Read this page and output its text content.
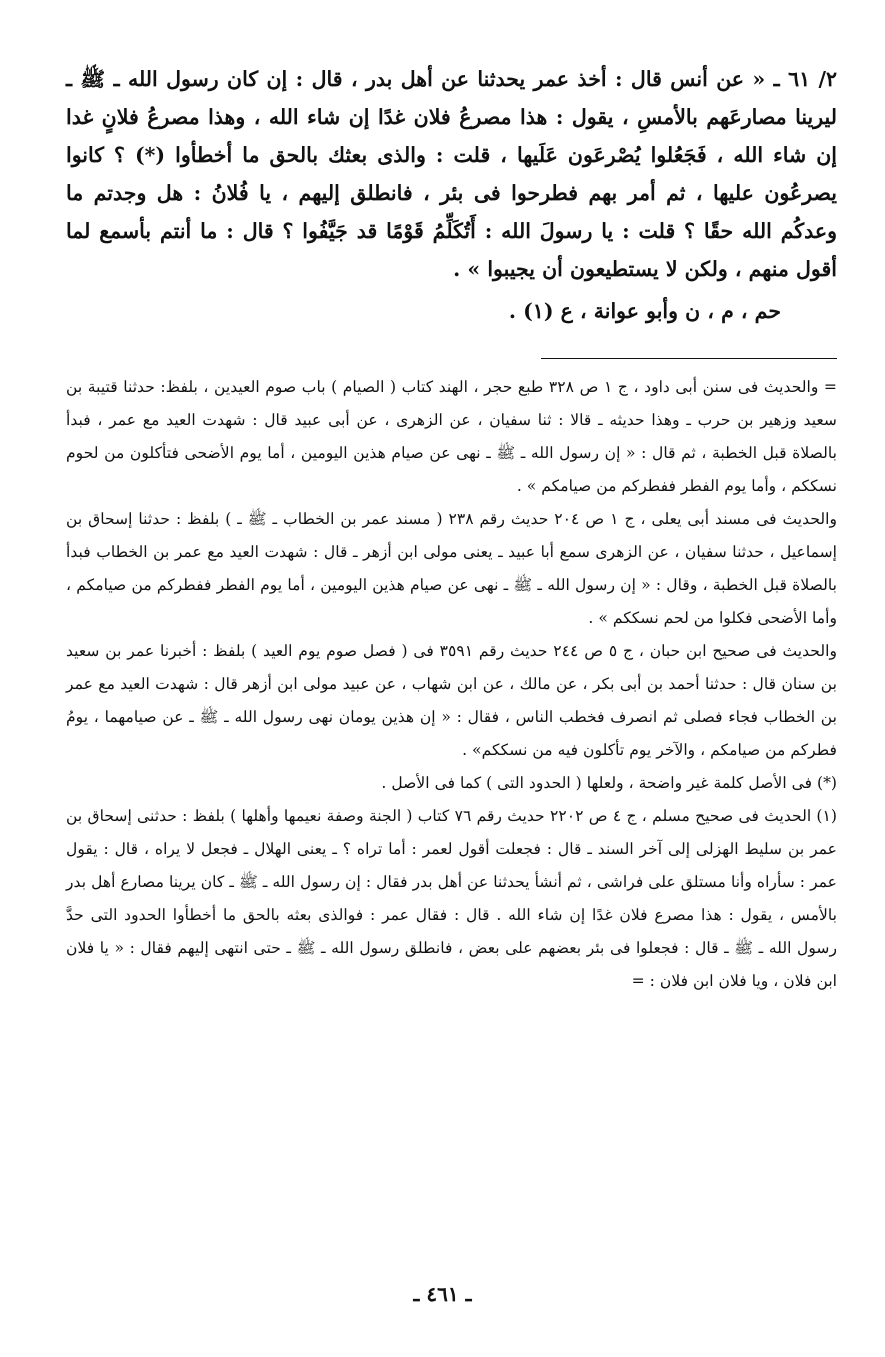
٢/ ٦١ ـ « عن أنس قال : أخذ عمر يحدثنا عن أهل بدر ، قال : إن كان رسول الله ـ ﷺ ـ ليرينا مصارعَهم بالأمسِ ، يقول : هذا مصرعُ فلان غدًا إن شاء الله ، وهذا مصرعُ فلانٍ غدا إن شاء الله ، فَجَعُلوا يُصْرعَون عَلَيها ، قلت : والذى بعثك بالحق ما أخطأوا (*) ؟ كانوا يصرعُون عليها ، ثم أمر بهم فطرحوا فى بئر ، فانطلق إليهم ، يا فُلانُ : هل وجدتم ما وعدكُم الله حقًا ؟ قلت : يا رسولَ الله : أَتُكَلِّمُ قَوْمًا قد جَيَّفُوا ؟ قال : ما أنتم بأسمع لما أقول منهم ، ولكن لا يستطيعون أن يجيبوا » .

حم ، م ، ن وأبو عوانة ، ع (١) .

= والحديث فى سنن أبى داود ، ج ١ ص ٣٢٨ طبع حجر ، الهند كتاب ( الصيام ) باب صوم العيدين ، بلفظ: حدثنا قتيبة بن سعيد وزهير بن حرب ـ وهذا حديثه ـ قالا : ثنا سفيان ، عن الزهرى ، عن أبى عبيد قال : شهدت العيد مع عمر ، فبدأ بالصلاة قبل الخطبة ، ثم قال : « إن رسول الله ـ ﷺ ـ نهى عن صيام هذين اليومين ، أما يوم الأضحى فتأكلون من لحوم نسككم ، وأما يوم الفطر ففطركم من صيامكم » .

والحديث فى مسند أبى يعلى ، ج ١ ص ٢٠٤ حديث رقم ٢٣٨ ( مسند عمر بن الخطاب ـ ﷺ ـ ) بلفظ : حدثنا إسحاق بن إسماعيل ، حدثنا سفيان ، عن الزهرى سمع أبا عبيد ـ يعنى مولى ابن أزهر ـ قال : شهدت العيد مع عمر بن الخطاب فبدأ بالصلاة قبل الخطبة ، وقال : « إن رسول الله ـ ﷺ ـ نهى عن صيام هذين اليومين ، أما يوم الفطر ففطركم من صيامكم ، وأما الأضحى فكلوا من لحم نسككم » .

والحديث فى صحيح ابن حبان ، ج ٥ ص ٢٤٤ حديث رقم ٣٥٩١ فى ( فصل صوم يوم العيد ) بلفظ : أخبرنا عمر بن سعيد بن سنان قال : حدثنا أحمد بن أبى بكر ، عن مالك ، عن ابن شهاب ، عن عبيد مولى ابن أزهر قال : شهدت العيد مع عمر بن الخطاب فجاء فصلى ثم انصرف فخطب الناس ، فقال : « إن هذين يومان نهى رسول الله ـ ﷺ ـ عن صيامهما ، يومُ فطركم من صيامكم ، والآخر يوم تأكلون فيه من نسككم» .

(*) فى الأصل كلمة غير واضحة ، ولعلها ( الحدود التى ) كما فى الأصل .

(١) الحديث فى صحيح مسلم ، ج ٤ ص ٢٢٠٢ حديث رقم ٧٦ كتاب ( الجنة وصفة نعيمها وأهلها ) بلفظ : حدثنى إسحاق بن عمر بن سليط الهزلى إلى آخر السند ـ قال : فجعلت أقول لعمر : أما تراه ؟ ـ يعنى الهلال ـ فجعل لا يراه ، قال : يقول عمر : سأراه وأنا مستلق على فراشى ، ثم أنشأ يحدثنا عن أهل بدر فقال : إن رسول الله ـ ﷺ ـ كان يرينا مصارع أهل بدر بالأمس ، يقول : هذا مصرع فلان غدًا إن شاء الله . قال : فقال عمر : فوالذى بعثه بالحق ما أخطأوا الحدود التى حدَّ رسول الله ـ ﷺ ـ قال : فجعلوا فى بئر بعضهم على بعض ، فانطلق رسول الله ـ ﷺ ـ حتى انتهى إليهم فقال : « يا فلان ابن فلان ، ويا فلان ابن فلان : =

ـ ٤٦١ ـ
